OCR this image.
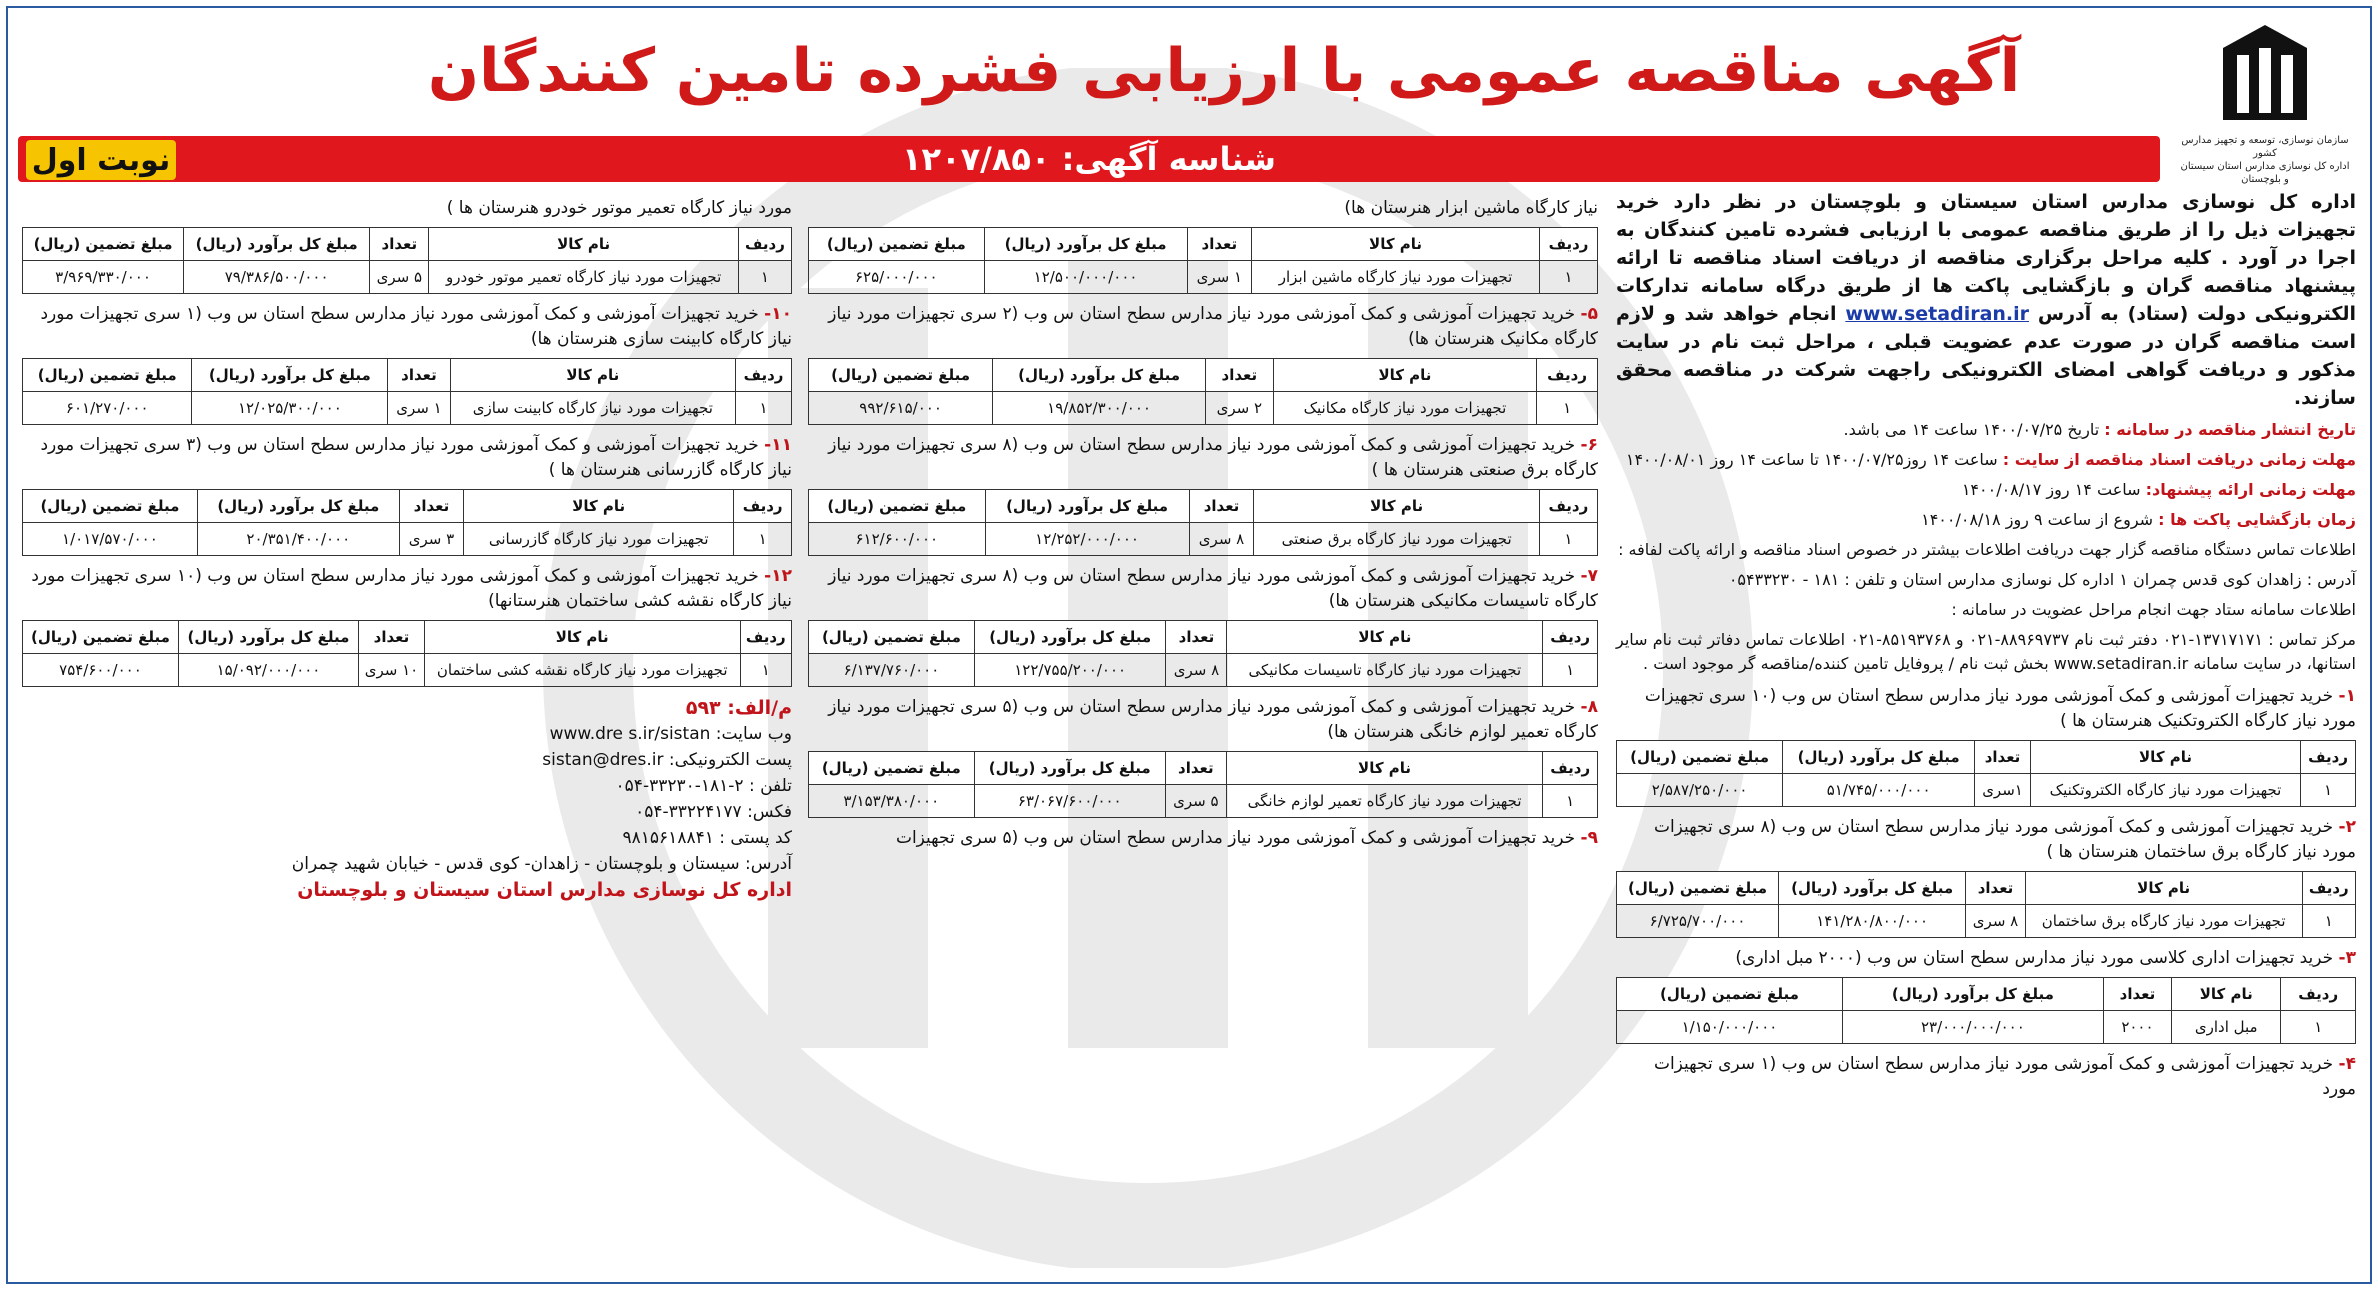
سازمان نوسازی، توسعه و تجهیز مدارس کشور
اداره کل نوسازی مدارس استان سیستان و بلوچستان
آگهی مناقصه عمومی با ارزیابی فشرده تامین کنندگان
شناسه آگهی: ۱۲۰۷/۸۵۰
نوبت اول

اداره کل نوسازی مدارس استان سیستان و بلوچستان در نظر دارد خرید تجهیزات ذیل را از طریق مناقصه عمومی با ارزیابی فشرده تامین کنندگان به اجرا در آورد . کلیه مراحل برگزاری مناقصه از دریافت اسناد مناقصه تا ارائه پیشنهاد مناقصه گران و بازگشایی پاکت ها از طریق درگاه سامانه تدارکات الکترونیکی دولت (ستاد) به آدرس www.setadiran.ir انجام خواهد شد و لازم است مناقصه گران در صورت عدم عضویت قبلی ، مراحل ثبت نام در سایت مذکور و دریافت گواهی امضای الکترونیکی راجهت شرکت در مناقصه محقق سازند.

تاریخ انتشار مناقصه در سامانه : تاریخ ۱۴۰۰/۰۷/۲۵ ساعت ۱۴ می باشد.

مهلت زمانی دریافت اسناد مناقصه از سایت : ساعت ۱۴ روز۱۴۰۰/۰۷/۲۵ تا ساعت ۱۴ روز ۱۴۰۰/۰۸/۰۱

مهلت زمانی ارائه پیشنهاد: ساعت ۱۴ روز ۱۴۰۰/۰۸/۱۷

زمان بازگشایی پاکت ها : شروع از ساعت ۹ روز ۱۴۰۰/۰۸/۱۸

اطلاعات تماس دستگاه مناقصه گزار جهت دریافت اطلاعات بیشتر در خصوص اسناد مناقصه و ارائه پاکت لفافه :

آدرس : زاهدان کوی قدس چمران ۱ اداره کل نوسازی مدارس استان و تلفن : ۱۸۱ - ۰۵۴۳۳۲۳۰

اطلاعات سامانه ستاد جهت انجام مراحل عضویت در سامانه :

مرکز تماس : ۱۳۷۱۷۱۷۱-۰۲۱ دفتر ثبت نام ۸۸۹۶۹۷۳۷-۰۲۱ و ۸۵۱۹۳۷۶۸-۰۲۱ اطلاعات تماس دفاتر ثبت نام سایر استانها، در سایت سامانه www.setadiran.ir بخش ثبت نام / پروفایل تامین کننده/مناقصه گر موجود است .

۱- خرید تجهیزات آموزشی و کمک آموزشی مورد نیاز مدارس سطح استان س وب (۱۰ سری تجهیزات مورد نیاز کارگاه الکتروتکنیک هنرستان ها )
ردیف	نام کالا	تعداد	مبلغ کل برآورد (ریال)	مبلغ تضمین (ریال)
۱	تجهیزات مورد نیاز کارگاه الکتروتکنیک	۱سری	۵۱/۷۴۵/۰۰۰/۰۰۰	۲/۵۸۷/۲۵۰/۰۰۰
۲- خرید تجهیزات آموزشی و کمک آموزشی مورد نیاز مدارس سطح استان س وب (۸ سری تجهیزات مورد نیاز کارگاه برق ساختمان هنرستان ها )
ردیف	نام کالا	تعداد	مبلغ کل برآورد (ریال)	مبلغ تضمین (ریال)
۱	تجهیزات مورد نیاز کارگاه برق ساختمان	۸ سری	۱۴۱/۲۸۰/۸۰۰/۰۰۰	۶/۷۲۵/۷۰۰/۰۰۰
۳- خرید تجهیزات اداری کلاسی مورد نیاز مدارس سطح استان س وب (۲۰۰۰ مبل اداری)
ردیف	نام کالا	تعداد	مبلغ کل برآورد (ریال)	مبلغ تضمین (ریال)
۱	مبل اداری	۲۰۰۰	۲۳/۰۰۰/۰۰۰/۰۰۰	۱/۱۵۰/۰۰۰/۰۰۰
۴- خرید تجهیزات آموزشی و کمک آموزشی مورد نیاز مدارس سطح استان س وب (۱ سری تجهیزات مورد
نیاز کارگاه ماشین ابزار هنرستان ها)
ردیف	نام کالا	تعداد	مبلغ کل برآورد (ریال)	مبلغ تضمین (ریال)
۱	تجهیزات مورد نیاز کارگاه ماشین ابزار	۱ سری	۱۲/۵۰۰/۰۰۰/۰۰۰	۶۲۵/۰۰۰/۰۰۰
۵- خرید تجهیزات آموزشی و کمک آموزشی مورد نیاز مدارس سطح استان س وب (۲ سری تجهیزات مورد نیاز کارگاه مکانیک هنرستان ها)
ردیف	نام کالا	تعداد	مبلغ کل برآورد (ریال)	مبلغ تضمین (ریال)
۱	تجهیزات مورد نیاز کارگاه مکانیک	۲ سری	۱۹/۸۵۲/۳۰۰/۰۰۰	۹۹۲/۶۱۵/۰۰۰
۶- خرید تجهیزات آموزشی و کمک آموزشی مورد نیاز مدارس سطح استان س وب (۸ سری تجهیزات مورد نیاز کارگاه برق صنعتی هنرستان ها )
ردیف	نام کالا	تعداد	مبلغ کل برآورد (ریال)	مبلغ تضمین (ریال)
۱	تجهیزات مورد نیاز کارگاه برق صنعتی	۸ سری	۱۲/۲۵۲/۰۰۰/۰۰۰	۶۱۲/۶۰۰/۰۰۰
۷- خرید تجهیزات آموزشی و کمک آموزشی مورد نیاز مدارس سطح استان س وب (۸ سری تجهیزات مورد نیاز کارگاه تاسیسات مکانیکی هنرستان ها)
ردیف	نام کالا	تعداد	مبلغ کل برآورد (ریال)	مبلغ تضمین (ریال)
۱	تجهیزات مورد نیاز کارگاه تاسیسات مکانیکی	۸ سری	۱۲۲/۷۵۵/۲۰۰/۰۰۰	۶/۱۳۷/۷۶۰/۰۰۰
۸- خرید تجهیزات آموزشی و کمک آموزشی مورد نیاز مدارس سطح استان س وب (۵ سری تجهیزات مورد نیاز کارگاه تعمیر لوازم خانگی هنرستان ها)
ردیف	نام کالا	تعداد	مبلغ کل برآورد (ریال)	مبلغ تضمین (ریال)
۱	تجهیزات مورد نیاز کارگاه تعمیر لوازم خانگی	۵ سری	۶۳/۰۶۷/۶۰۰/۰۰۰	۳/۱۵۳/۳۸۰/۰۰۰
۹- خرید تجهیزات آموزشی و کمک آموزشی مورد نیاز مدارس سطح استان س وب (۵ سری تجهیزات
مورد نیاز کارگاه تعمیر موتور خودرو هنرستان ها )
ردیف	نام کالا	تعداد	مبلغ کل برآورد (ریال)	مبلغ تضمین (ریال)
۱	تجهیزات مورد نیاز کارگاه تعمیر موتور خودرو	۵ سری	۷۹/۳۸۶/۵۰۰/۰۰۰	۳/۹۶۹/۳۳۰/۰۰۰
۱۰- خرید تجهیزات آموزشی و کمک آموزشی مورد نیاز مدارس سطح استان س وب (۱ سری تجهیزات مورد نیاز کارگاه کابینت سازی هنرستان ها)
ردیف	نام کالا	تعداد	مبلغ کل برآورد (ریال)	مبلغ تضمین (ریال)
۱	تجهیزات مورد نیاز کارگاه کابینت سازی	۱ سری	۱۲/۰۲۵/۳۰۰/۰۰۰	۶۰۱/۲۷۰/۰۰۰
۱۱- خرید تجهیزات آموزشی و کمک آموزشی مورد نیاز مدارس سطح استان س وب (۳ سری تجهیزات مورد نیاز کارگاه گازرسانی هنرستان ها )
ردیف	نام کالا	تعداد	مبلغ کل برآورد (ریال)	مبلغ تضمین (ریال)
۱	تجهیزات مورد نیاز کارگاه گازرسانی	۳ سری	۲۰/۳۵۱/۴۰۰/۰۰۰	۱/۰۱۷/۵۷۰/۰۰۰
۱۲- خرید تجهیزات آموزشی و کمک آموزشی مورد نیاز مدارس سطح استان س وب (۱۰ سری تجهیزات مورد نیاز کارگاه نقشه کشی ساختمان هنرستانها)
ردیف	نام کالا	تعداد	مبلغ کل برآورد (ریال)	مبلغ تضمین (ریال)
۱	تجهیزات مورد نیاز کارگاه نقشه کشی ساختمان	۱۰ سری	۱۵/۰۹۲/۰۰۰/۰۰۰	۷۵۴/۶۰۰/۰۰۰
م/الف: ۵۹۳
وب سایت: www.dre s.ir/sistan
پست الکترونیکی: sistan@dres.ir
تلفن : ۲-۱۸۱-۳۳۲۳۰-۰۵۴
فکس: ۳۳۲۲۴۱۷۷-۰۵۴
کد پستی : ۹۸۱۵۶۱۸۸۴۱
آدرس: سیستان و بلوچستان - زاهدان- کوی قدس - خیابان شهید چمران
اداره کل نوسازی مدارس استان سیستان و بلوچستان
